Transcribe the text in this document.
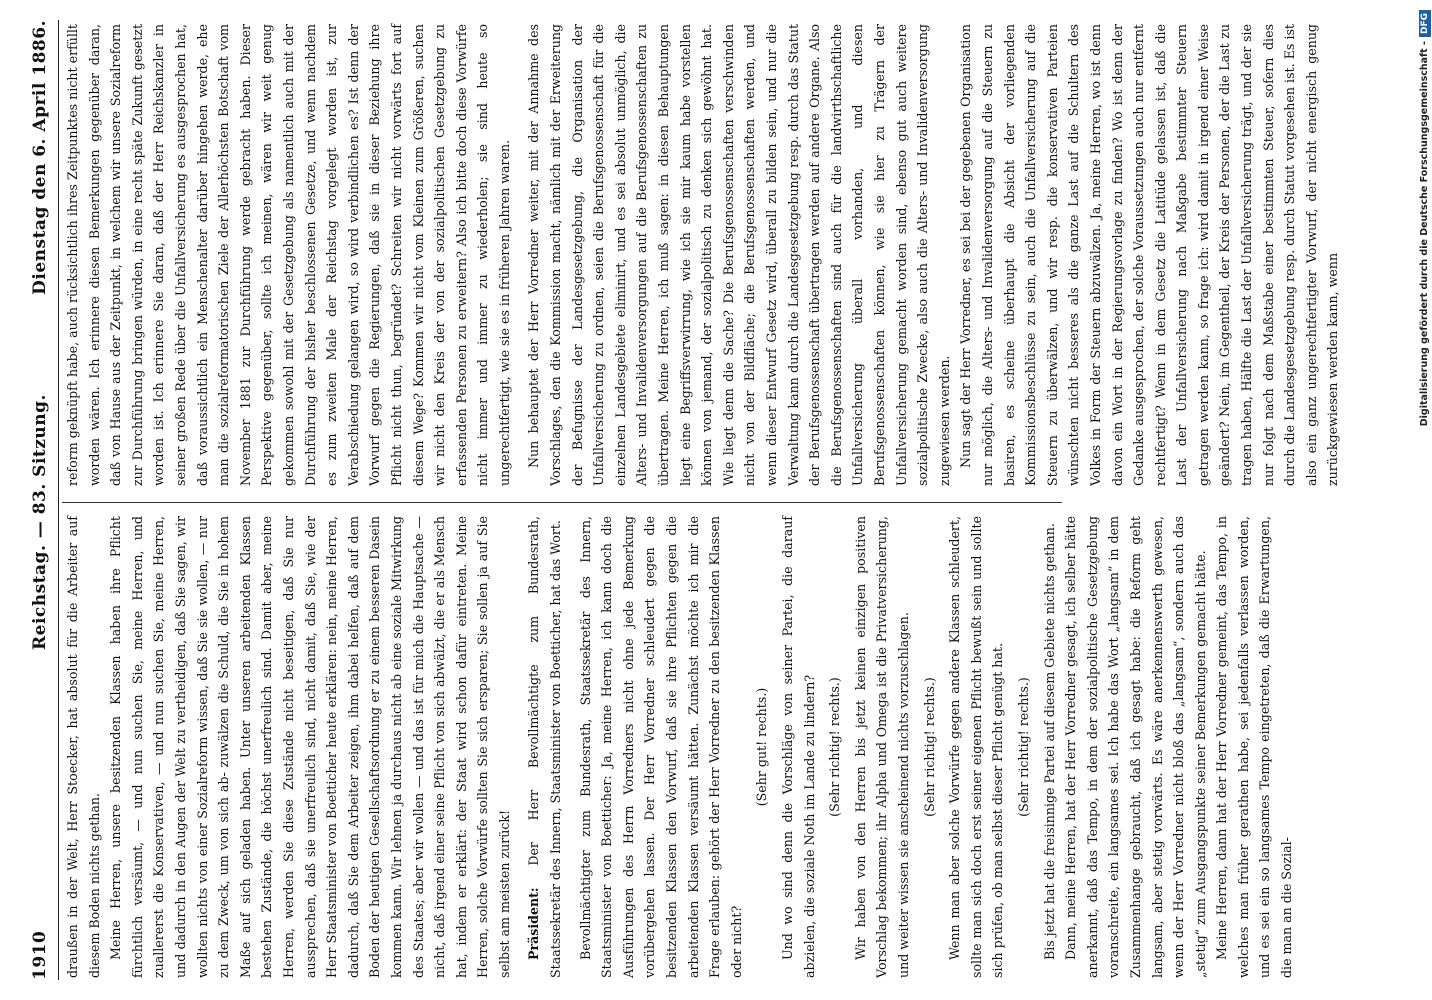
1910
Reichstag. — 83. Sitzung.
Dienstag den 6. April 1886.

draußen in der Welt, Herr Stoecker, hat absolut für die Arbeiter auf diesem Boden nichts gethan. Meine Herren, unsere besitzenden Klassen haben ihre Pflicht fürchtlich versäumt, — und nun suchen Sie, meine Herren, und zuallererst die Konservativen, — und nun suchen Sie, meine Herren, und dadurch in den Augen der Welt zu vertheidigen, daß Sie sagen, wir wollten nichts von einer Sozialreform wissen, daß Sie sie wollen, — nur zu dem Zweck, um von sich ab- zuwälzen die Schuld, die Sie in hohem Maße auf sich geladen haben. Unter unseren arbeitenden Klassen bestehen Zustände, die höchst unerfreulich sind. Damit aber, meine Herren, werden Sie diese Zustände nicht beseitigen, daß Sie nur aussprechen, daß sie unerfreulich sind, nicht damit, daß Sie, wie der Herr Staatsminister von Boetticher heute erklären: nein, meine Herren, dadurch, daß Sie dem Arbeiter zeigen, ihm dabei helfen, daß auf dem Boden der heutigen Gesellschaftsordnung er zu einem besseren Dasein kommen kann. Wir lehnen ja durchaus nicht ab eine soziale Mitwirkung des Staates; aber wir wollen — und das ist für mich die Hauptsache — nicht, daß irgend einer seine Pflicht von sich abwälzt, die er als Mensch hat, indem er erklärt: der Staat wird schon dafür eintreten. Meine Herren, solche Vorwürfe sollten Sie sich ersparen; Sie sollen ja auf Sie selbst am meisten zurück! Präsident: Der Herr Bevollmächtigte zum Bundesrath, Staatssekretär des Innern, Staatsminister von Boetticher, hat das Wort. Bevollmächtigter zum Bundesrath, Staatssekretär des Innern, Staatsminister von Boetticher: Ja, meine Herren, ich kann doch die Ausführungen des Herrn Vorredners nicht ohne jede Bemerkung vorübergehen lassen. Der Herr Vorredner schleudert gegen die besitzenden Klassen den Vorwurf, daß sie ihre Pflichten gegen die arbeitenden Klassen versäumt hätten. Zunächst möchte ich mir die Frage erlauben: gehört der Herr Vorredner zu den besitzenden Klassen oder nicht?

(Sehr gut! rechts.) Und wo sind denn die Vorschläge von seiner Partei, die darauf abzielen, die soziale Noth im Lande zu lindern? (Sehr richtig! rechts.) Wir haben von den Herren bis jetzt keinen einzigen positiven Vorschlag bekommen; ihr Alpha und Omega ist die Privatversicherung, und weiter wissen sie anscheinend nichts vorzuschlagen. (Sehr richtig! rechts.) Wenn man aber solche Vorwürfe gegen andere Klassen schleudert, sollte man sich doch erst seiner eigenen Pflicht bewußt sein und sollte sich prüfen, ob man selbst dieser Pflicht genügt hat. (Sehr richtig! rechts.) Bis jetzt hat die freisinnige Partei auf diesem Gebiete nichts gethan. Dann, meine Herren, hat der Herr Vorredner gesagt, ich selber hätte anerkannt, daß das Tempo, in dem der sozialpolitische Gesetzgebung voranschreite, ein langsames sei. Ich habe das Wort „langsam“ in dem Zusammenhange gebraucht, daß ich gesagt habe: die Reform geht langsam, aber stetig vorwärts. Es wäre anerkennenswerth gewesen, wenn der Herr Vorredner nicht bloß das „langsam“, sondern auch das „stetig“ zum Ausgangspunkte seiner Bemerkungen gemacht hätte. Meine Herren, dann hat der Herr Vorredner gemeint, das Tempo, in welches man früher gerathen habe, sei jedenfalls verlassen worden, und es sei ein so langsames Tempo eingetreten, daß die Erwartungen, die man an die Sozial-

reform geknüpft habe, auch rücksichtlich ihres Zeitpunktes nicht erfüllt worden wären. Ich erinnere diesen Bemerkungen gegenüber daran, daß von Hause aus der Zeitpunkt, in welchem wir unsere Sozialreform zur Durchführung bringen würden, in eine recht späte Zukunft gesetzt worden ist. Ich erinnere Sie daran, daß der Herr Reichskanzler in seiner großen Rede über die Unfallversicherung es ausgesprochen hat, daß voraussichtlich ein Menschenalter darüber hingehen werde, ehe man die sozialreformatorischen Ziele der Allerhöchsten Botschaft vom November 1881 zur Durchführung werde gebracht haben. Dieser Perspektive gegenüber, sollte ich meinen, wären wir weit genug gekommen sowohl mit der Gesetzgebung als namentlich auch mit der Durchführung der bisher beschlossenen Gesetze, und wenn nachdem es zum zweiten Male der Reichstag vorgelegt worden ist, zur Verabschiedung gelangen wird, so wird verbindlichen es? Ist denn der Vorwurf gegen die Regierungen, daß sie in dieser Beziehung ihre Pflicht nicht thun, begründet? Schreiten wir nicht vorwärts fort auf diesem Wege? Kommen wir nicht vom Kleinen zum Größeren, suchen wir nicht den Kreis der von der sozialpolitischen Gesetzgebung zu erfassenden Personen zu erweitern? Also ich bitte doch diese Vorwürfe nicht immer und immer zu wiederholen; sie sind heute so ungerechtfertigt, wie sie es in früheren Jahren waren. Nun behauptet der Herr Vorredner weiter, mit der Annahme des Vorschlages, den die Kommission macht, nämlich mit der Erweiterung der Befugnisse der Landesgesetzgebung, die Organisation der Unfallversicherung zu ordnen, seien die Berufsgenossenschaft für die einzelnen Landesgebiete eliminirt, und es sei absolut unmöglich, die Alters- und Invalidenversorgungen auf die Berufsgenossenschaften zu übertragen. Meine Herren, ich muß sagen: in diesen Behauptungen liegt eine Begriffsverwirrung, wie ich sie mir kaum habe vorstellen können von jemand, der sozialpolitisch zu denken sich gewöhnt hat. Wie liegt denn die Sache? Die Berufsgenossenschaften verschwinden nicht von der Bildfläche; die Berufsgenossenschaften werden, und wenn dieser Entwurf Gesetz wird, überall zu bilden sein, und nur die Verwaltung kann durch die Landesgesetzgebung resp. durch das Statut der Berufsgenossenschaft übertragen werden auf andere Organe. Also die Berufsgenossenschaften sind auch für die landwirthschaftliche Unfallversicherung überall vorhanden, und diesen Berufsgenossenschaften können, wie sie hier zu Trägern der Unfallversicherung gemacht worden sind, ebenso gut auch weitere sozialpolitische Zwecke, also auch die Alters- und Invalidenversorgung zugewiesen werden. Nun sagt der Herr Vorredner, es sei bei der gegebenen Organisation nur möglich, die Alters- und Invalidenversorgung auf die Steuern zu basiren, es scheine überhaupt die Absicht der vorliegenden Kommissionsbeschlüsse zu sein, auch die Unfallversicherung auf die Steuern zu überwälzen, und wir resp. die konservativen Parteien wünschten nicht besseres als die ganze Last auf die Schultern des Volkes in Form der Steuern abzuwälzen. Ja, meine Herren, wo ist denn davon ein Wort in der Regierungsvorlage zu finden? Wo ist denn der Gedanke ausgesprochen, der solche Voraussetzungen auch nur entfernt rechtfertigt? Wenn in dem Gesetz die Latitüde gelassen ist, daß die Last der Unfallversicherung nach Maßgabe bestimmter Steuern getragen werden kann, so frage ich: wird damit in irgend einer Weise geändert? Nein, im Gegentheil, der Kreis der Personen, der die Last zu tragen haben, Hälfte die Last der Unfallversicherung trägt, und der sie nur folgt nach dem Maßstabe einer bestimmten Steuer, sofern dies durch die Landesgesetzgebung resp. durch Statut vorgesehen ist. Es ist also ein ganz ungerechtfertigter Vorwurf, der nicht energisch genug zurückgewiesen werden kann, wenn	Digitalisierung gefördert durch die Deutsche Forschungsgemeinschaft -DFG
